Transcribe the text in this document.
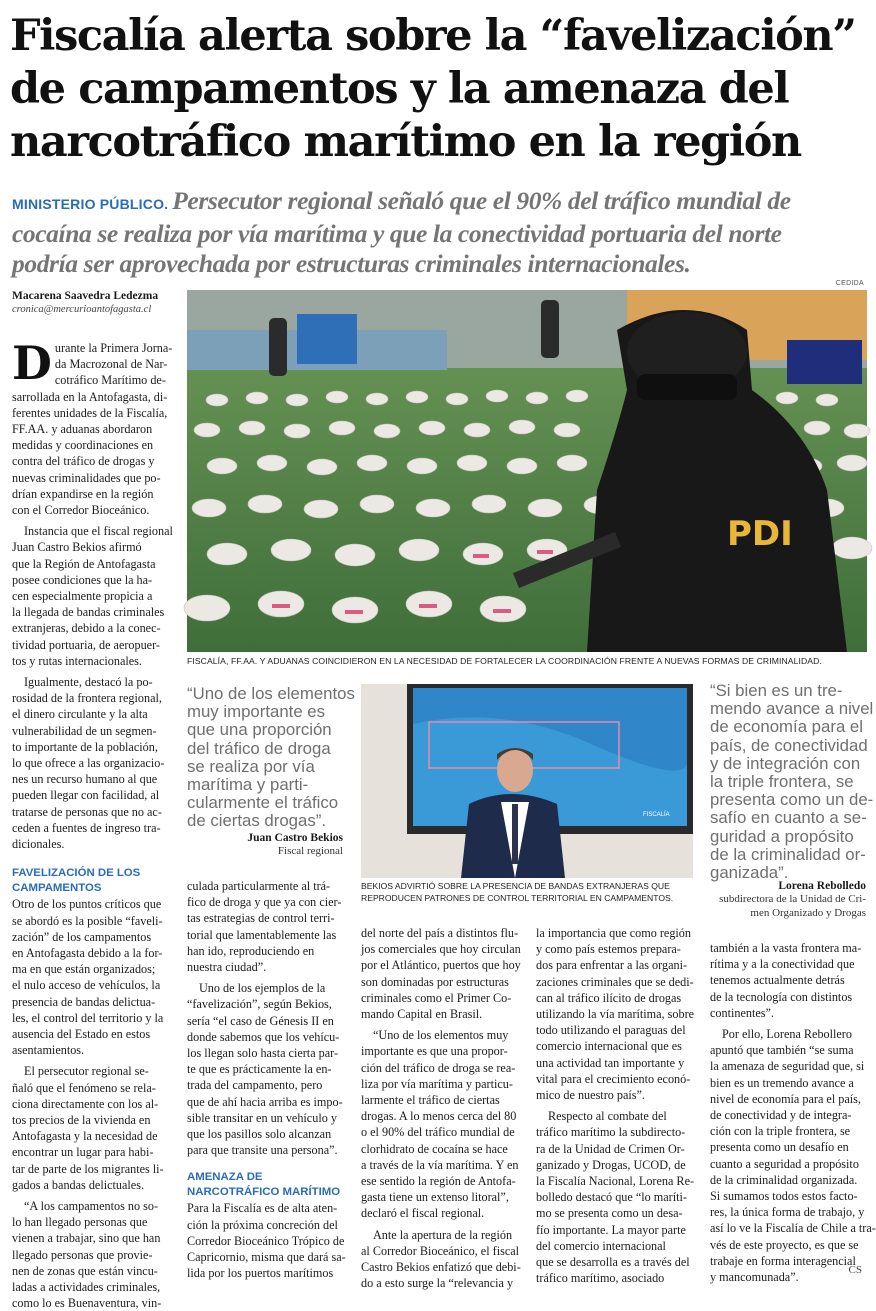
Fiscalía alerta sobre la “favelización”
de campamentos y la amenaza del
narcotráfico marítimo en la región
MINISTERIO PÚBLICO. Persecutor regional señaló que el 90% del tráfico mundial de
cocaína se realiza por vía marítima y que la conectividad portuaria del norte
podría ser aprovechada por estructuras criminales internacionales.
CEDIDA
Macarena Saavedra Ledezma
cronica@mercurioantofagasta.cl
PDI
FISCALÍA, FF.AA. Y ADUANAS COINCIDIERON EN LA NECESIDAD DE FORTALECER LA COORDINACIÓN FRENTE A NUEVAS FORMAS DE CRIMINALIDAD.
D urante la Primera Jorna-
da Macrozonal de Nar-
cotráfico Marítimo de-
sarrollada en la Antofagasta, di-
ferentes unidades de la Fiscalía,
FF.AA. y aduanas abordaron
medidas y coordinaciones en
contra del tráfico de drogas y
nuevas criminalidades que po-
drían expandirse en la región
con el Corredor Bioceánico.
Instancia que el fiscal regional
Juan Castro Bekios afirmó
que la Región de Antofagasta
posee condiciones que la ha-
cen especialmente propicia a
la llegada de bandas criminales
extranjeras, debido a la conec-
tividad portuaria, de aeropuer-
tos y rutas internacionales.
Igualmente, destacó la po-
rosidad de la frontera regional,
el dinero circulante y la alta
vulnerabilidad de un segmen-
to importante de la población,
lo que ofrece a las organizacio-
nes un recurso humano al que
pueden llegar con facilidad, al
tratarse de personas que no ac-
ceden a fuentes de ingreso tra-
dicionales.
FAVELIZACIÓN DE LOS
CAMPAMENTOS
Otro de los puntos críticos que
se abordó es la posible “faveli-
zación” de los campamentos
en Antofagasta debido a la for-
ma en que están organizados;
el nulo acceso de vehículos, la
presencia de bandas delictua-
les, el control del territorio y la
ausencia del Estado en estos
asentamientos.
El persecutor regional se-
ñaló que el fenómeno se rela-
ciona directamente con los al-
tos precios de la vivienda en
Antofagasta y la necesidad de
encontrar un lugar para habi-
tar de parte de los migrantes li-
gados a bandas delictuales.
“A los campamentos no so-
lo han llegado personas que
vienen a trabajar, sino que han
llegado personas que provie-
nen de zonas que están vincu-
ladas a actividades criminales,
como lo es Buenaventura, vin-
“Uno de los elementos
muy importante es
que una proporción
del tráfico de droga
se realiza por vía
marítima y parti-
cularmente el tráfico
de ciertas drogas”.
Juan Castro Bekios
Fiscal regional
FISCALÍA
BEKIOS ADVIRTIÓ SOBRE LA PRESENCIA DE BANDAS EXTRANJERAS QUE
REPRODUCEN PATRONES DE CONTROL TERRITORIAL EN CAMPAMENTOS.
“Si bien es un tre-
mendo avance a nivel
de economía para el
país, de conectividad
y de integración con
la triple frontera, se
presenta como un de-
safío en cuanto a se-
guridad a propósito
de la criminalidad or-
ganizada”.
Lorena Rebolledo
subdirectora de la Unidad de Cri-
men Organizado y Drogas
culada particularmente al trá-
fico de droga y que ya con cier-
tas estrategias de control terri-
torial que lamentablemente las
han ido, reproduciendo en
nuestra ciudad”.
Uno de los ejemplos de la
“favelización”, según Bekios,
sería “el caso de Génesis II en
donde sabemos que los vehícu-
los llegan solo hasta cierta par-
te que es prácticamente la en-
trada del campamento, pero
que de ahí hacia arriba es impo-
sible transitar en un vehículo y
que los pasillos solo alcanzan
para que transite una persona”.
AMENAZA DE
NARCOTRÁFICO MARÍTIMO
Para la Fiscalía es de alta aten-
ción la próxima concreción del
Corredor Bioceánico Trópico de
Capricornio, misma que dará sa-
lida por los puertos marítimos
del norte del país a distintos flu-
jos comerciales que hoy circulan
por el Atlántico, puertos que hoy
son dominadas por estructuras
criminales como el Primer Co-
mando Capital en Brasil.
“Uno de los elementos muy
importante es que una propor-
ción del tráfico de droga se rea-
liza por vía marítima y particu-
larmente el tráfico de ciertas
drogas. A lo menos cerca del 80
o el 90% del tráfico mundial de
clorhidrato de cocaína se hace
a través de la vía marítima. Y en
ese sentido la región de Antofa-
gasta tiene un extenso litoral”,
declaró el fiscal regional.
Ante la apertura de la región
al Corredor Bioceánico, el fiscal
Castro Bekios enfatizó que debi-
do a esto surge la “relevancia y
la importancia que como región
y como país estemos prepara-
dos para enfrentar a las organi-
zaciones criminales que se dedi-
can al tráfico ilícito de drogas
utilizando la vía marítima, sobre
todo utilizando el paraguas del
comercio internacional que es
una actividad tan importante y
vital para el crecimiento econó-
mico de nuestro país”.
Respecto al combate del
tráfico marítimo la subdirecto-
ra de la Unidad de Crimen Or-
ganizado y Drogas, UCOD, de
la Fiscalía Nacional, Lorena Re-
bolledo destacó que “lo maríti-
mo se presenta como un desa-
fío importante. La mayor parte
del comercio internacional
que se desarrolla es a través del
tráfico marítimo, asociado
también a la vasta frontera ma-
rítima y a la conectividad que
tenemos actualmente detrás
de la tecnología con distintos
continentes”.
Por ello, Lorena Rebollero
apuntó que también “se suma
la amenaza de seguridad que, si
bien es un tremendo avance a
nivel de economía para el país,
de conectividad y de integra-
ción con la triple frontera, se
presenta como un desafío en
cuanto a seguridad a propósito
de la criminalidad organizada.
Si sumamos todos estos facto-
res, la única forma de trabajo, y
así lo ve la Fiscalía de Chile a tra-
vés de este proyecto, es que se
trabaje en forma interagencial
y mancomunada”.
CS
